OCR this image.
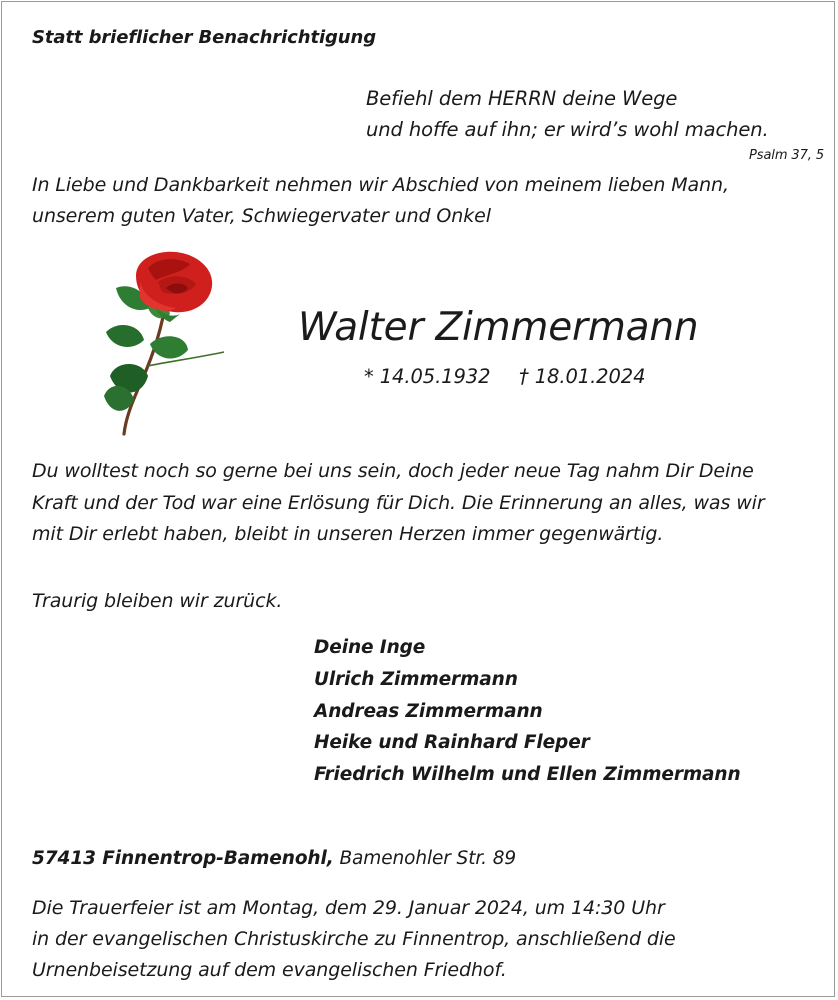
Statt brieflicher Benachrichtigung
Befiehl dem HERRN deine Wege
und hoffe auf ihn; er wird’s wohl machen.
Psalm 37, 5
In Liebe und Dankbarkeit nehmen wir Abschied von meinem lieben Mann,
unserem guten Vater, Schwiegervater und Onkel
Walter Zimmermann
* 14.05.1932 † 18.01.2024
Du wolltest noch so gerne bei uns sein, doch jeder neue Tag nahm Dir Deine
Kraft und der Tod war eine Erlösung für Dich. Die Erinnerung an alles, was wir
mit Dir erlebt haben, bleibt in unseren Herzen immer gegenwärtig.
Traurig bleiben wir zurück.
Deine Inge
Ulrich Zimmermann
Andreas Zimmermann
Heike und Rainhard Fleper
Friedrich Wilhelm und Ellen Zimmermann
57413 Finnentrop-Bamenohl, Bamenohler Str. 89
Die Trauerfeier ist am Montag, dem 29. Januar 2024, um 14:30 Uhr
in der evangelischen Christuskirche zu Finnentrop, anschließend die
Urnenbeisetzung auf dem evangelischen Friedhof.
